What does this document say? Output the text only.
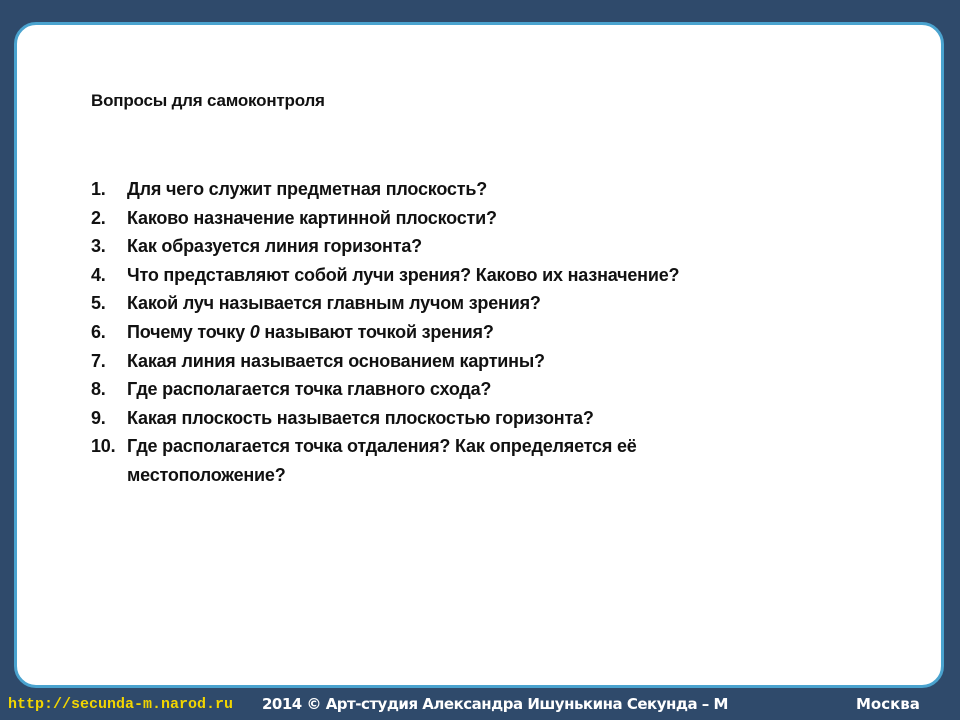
Вопросы для самоконтроля
1.	Для чего служит предметная плоскость?
2.	Каково назначение картинной плоскости?
3.	Как образуется линия горизонта?
4.	Что представляют собой лучи зрения? Каково их назначение?
5.	Какой луч называется главным лучом зрения?
6.	Почему точку 0 называют точкой зрения?
7.	Какая линия называется основанием картины?
8.	Где располагается точка главного схода?
9.	Какая плоскость называется плоскостью горизонта?
10. Где располагается точка отдаления? Как определяется её
местоположение?
http://secunda-m.narod.ru 2014 © Арт-студия Александра Ишунькина Секунда – М	Москва
